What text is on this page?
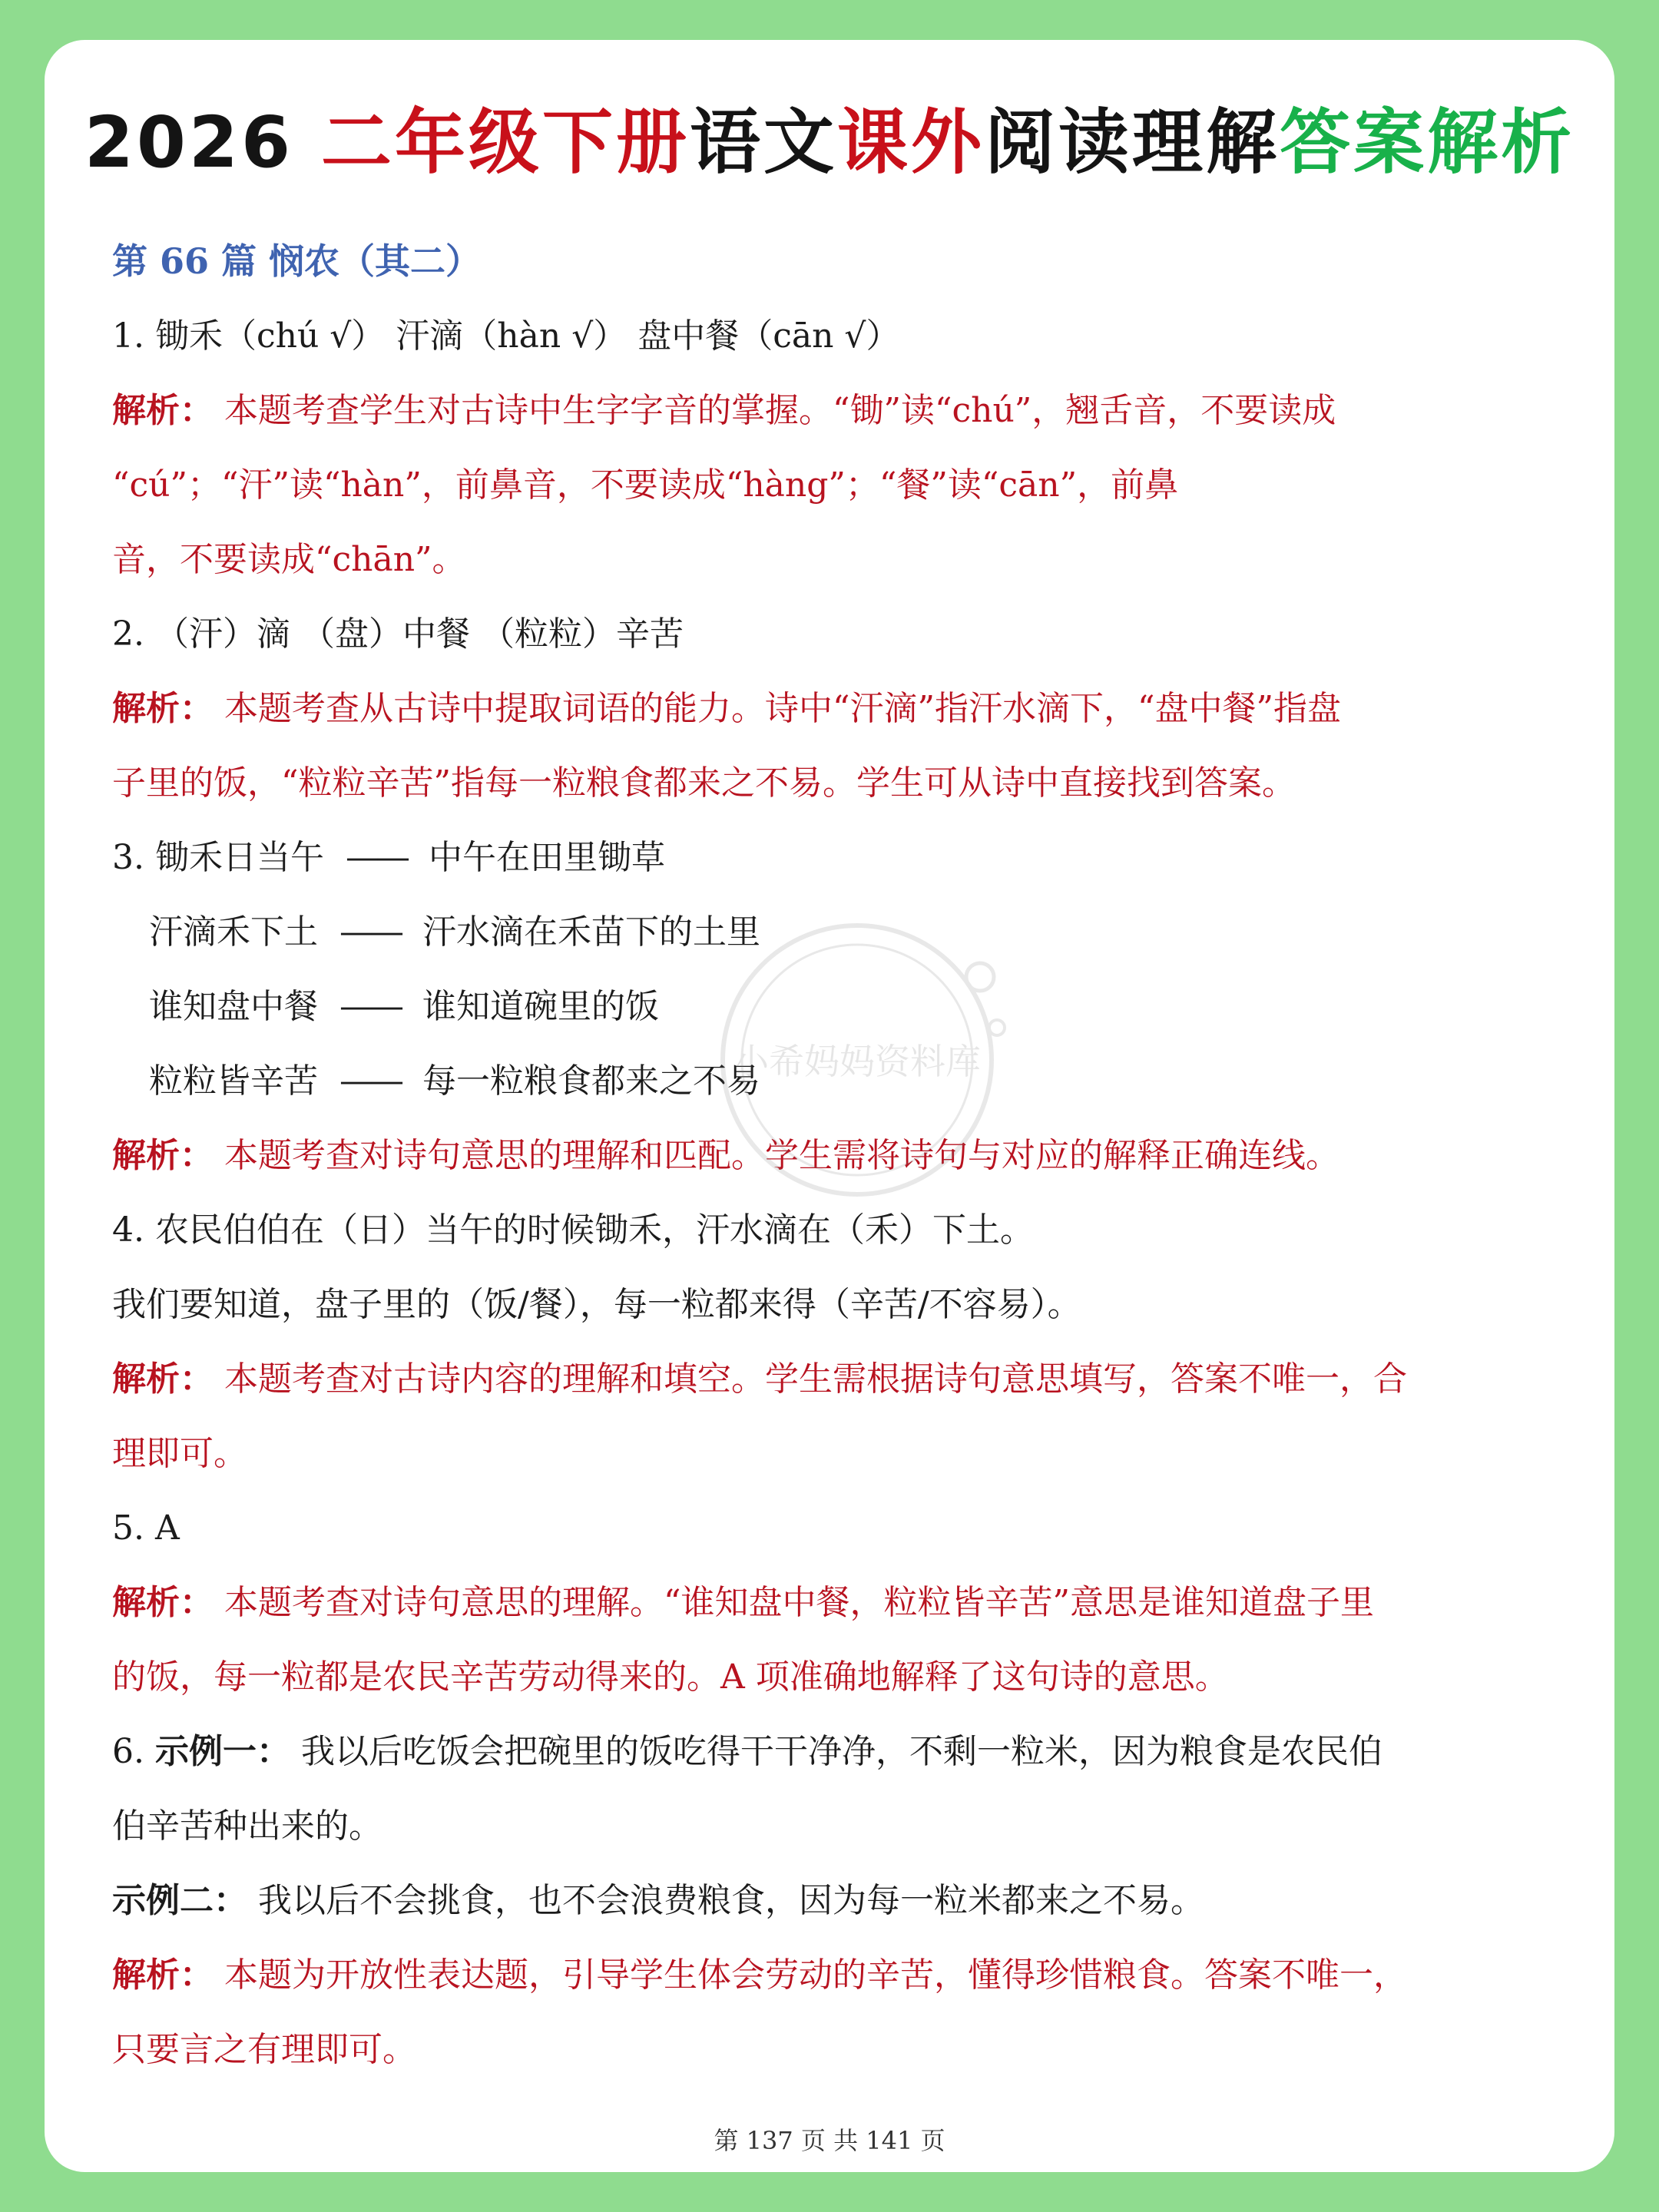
2026 二年级下册语文课外阅读理解答案解析
第 66 篇 悯农（其二）
1. 锄禾（chú √） 汗滴（hàn √） 盘中餐（cān √）
解析： 本题考查学生对古诗中生字字音的掌握。“锄”读“chú”，翘舌音，不要读成
“cú”；“汗”读“hàn”，前鼻音，不要读成“hàng”；“餐”读“cān”，前鼻
音，不要读成“chān”。
2. （汗）滴 （盘）中餐 （粒粒）辛苦
解析： 本题考查从古诗中提取词语的能力。诗中“汗滴”指汗水滴下，“盘中餐”指盘
子里的饭，“粒粒辛苦”指每一粒粮食都来之不易。学生可从诗中直接找到答案。
3. 锄禾日当午 —— 中午在田里锄草
汗滴禾下土 —— 汗水滴在禾苗下的土里
谁知盘中餐 —— 谁知道碗里的饭
粒粒皆辛苦 —— 每一粒粮食都来之不易
解析： 本题考查对诗句意思的理解和匹配。学生需将诗句与对应的解释正确连线。
4. 农民伯伯在（日）当午的时候锄禾，汗水滴在（禾）下土。
我们要知道，盘子里的（饭/餐），每一粒都来得（辛苦/不容易）。
解析： 本题考查对古诗内容的理解和填空。学生需根据诗句意思填写，答案不唯一，合
理即可。
5. A
解析： 本题考查对诗句意思的理解。“谁知盘中餐，粒粒皆辛苦”意思是谁知道盘子里
的饭，每一粒都是农民辛苦劳动得来的。A 项准确地解释了这句诗的意思。
6. 示例一： 我以后吃饭会把碗里的饭吃得干干净净，不剩一粒米，因为粮食是农民伯
伯辛苦种出来的。
示例二： 我以后不会挑食，也不会浪费粮食，因为每一粒米都来之不易。
解析： 本题为开放性表达题，引导学生体会劳动的辛苦，懂得珍惜粮食。答案不唯一，
只要言之有理即可。
小希妈妈资料库
第 137 页 共 141 页
